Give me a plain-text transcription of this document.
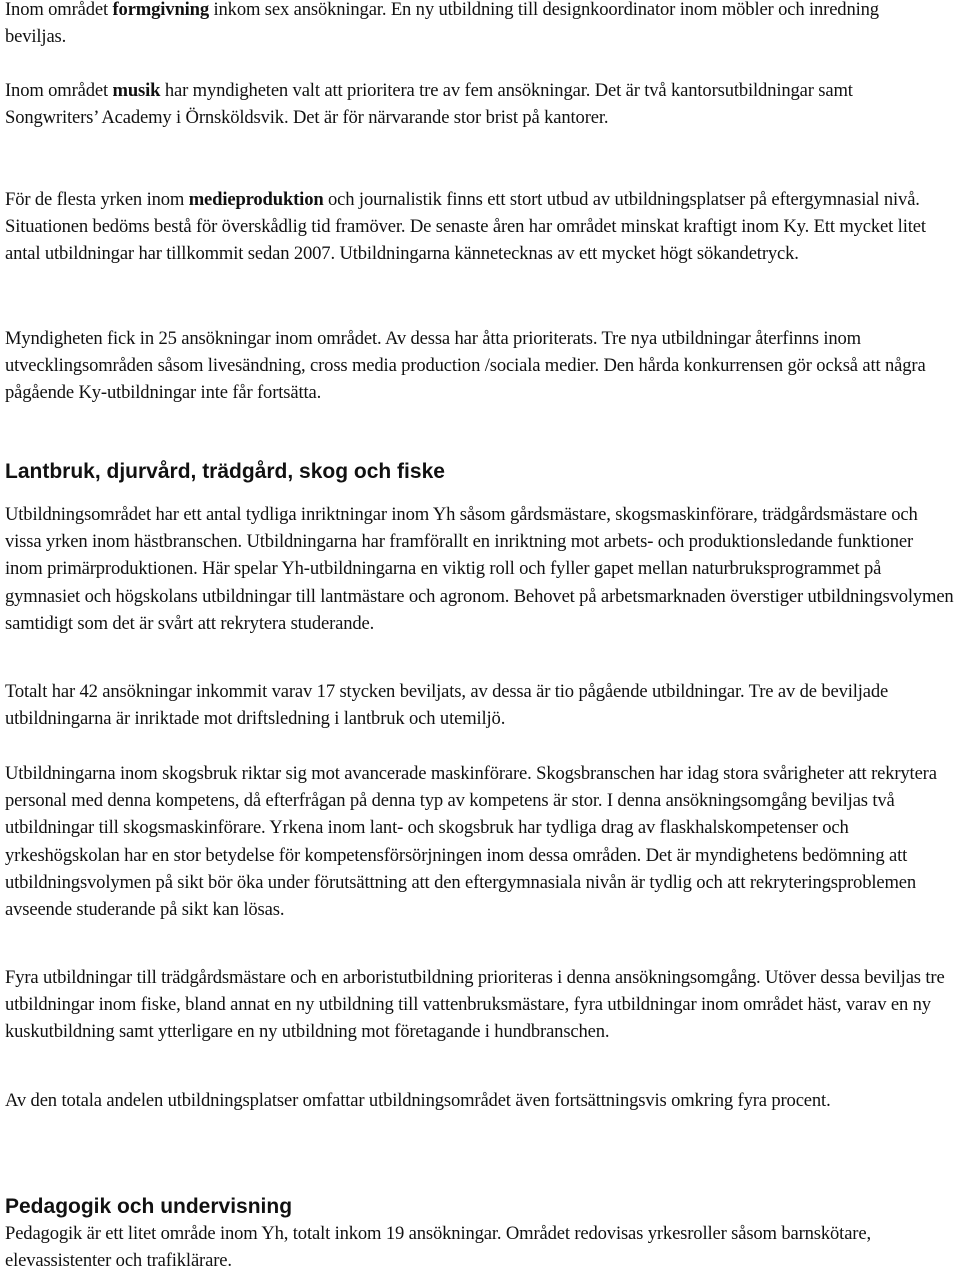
Inom området formgivning inkom sex ansökningar. En ny utbildning till designkoordinator inom möbler och inredning beviljas.

Inom området musik har myndigheten valt att prioritera tre av fem ansökningar. Det är två kantorsutbildningar samt Songwriters’ Academy i Örnsköldsvik. Det är för närvarande stor brist på kantorer.

För de flesta yrken inom medieproduktion och journalistik finns ett stort utbud av utbildningsplatser på eftergymnasial nivå. Situationen bedöms bestå för överskådlig tid framöver. De senaste åren har området minskat kraftigt inom Ky. Ett mycket litet antal utbildningar har tillkommit sedan 2007. Utbildningarna kännetecknas av ett mycket högt sökandetryck.

Myndigheten fick in 25 ansökningar inom området. Av dessa har åtta prioriterats. Tre nya utbildningar återfinns inom utvecklingsområden såsom livesändning, cross media production /sociala medier. Den hårda konkurrensen gör också att några pågående Ky-utbildningar inte får fortsätta.

Lantbruk, djurvård, trädgård, skog och fiske

Utbildningsområdet har ett antal tydliga inriktningar inom Yh såsom gårdsmästare, skogsmaskinförare, trädgårdsmästare och vissa yrken inom hästbranschen. Utbildningarna har framförallt en inriktning mot arbets- och produktionsledande funktioner inom primärproduktionen. Här spelar Yh-utbildningarna en viktig roll och fyller gapet mellan naturbruksprogrammet på gymnasiet och högskolans utbildningar till lantmästare och agronom. Behovet på arbetsmarknaden överstiger utbildningsvolymen samtidigt som det är svårt att rekrytera studerande.

Totalt har 42 ansökningar inkommit varav 17 stycken beviljats, av dessa är tio pågående utbildningar. Tre av de beviljade utbildningarna är inriktade mot driftsledning i lantbruk och utemiljö.

Utbildningarna inom skogsbruk riktar sig mot avancerade maskinförare. Skogsbranschen har idag stora svårigheter att rekrytera personal med denna kompetens, då efterfrågan på denna typ av kompetens är stor. I denna ansökningsomgång beviljas två utbildningar till skogsmaskinförare. Yrkena inom lant- och skogsbruk har tydliga drag av flaskhalskompetenser och yrkeshögskolan har en stor betydelse för kompetensförsörjningen inom dessa områden. Det är myndighetens bedömning att utbildningsvolymen på sikt bör öka under förutsättning att den eftergymnasiala nivån är tydlig och att rekryteringsproblemen avseende studerande på sikt kan lösas.

Fyra utbildningar till trädgårdsmästare och en arboristutbildning prioriteras i denna ansökningsomgång. Utöver dessa beviljas tre utbildningar inom fiske, bland annat en ny utbildning till vattenbruksmästare, fyra utbildningar inom området häst, varav en ny kuskutbildning samt ytterligare en ny utbildning mot företagande i hundbranschen.

Av den totala andelen utbildningsplatser omfattar utbildningsområdet även fortsättningsvis omkring fyra procent.

Pedagogik och undervisning

Pedagogik är ett litet område inom Yh, totalt inkom 19 ansökningar. Området redovisas yrkesroller såsom barnskötare, elevassistenter och trafiklärare.
